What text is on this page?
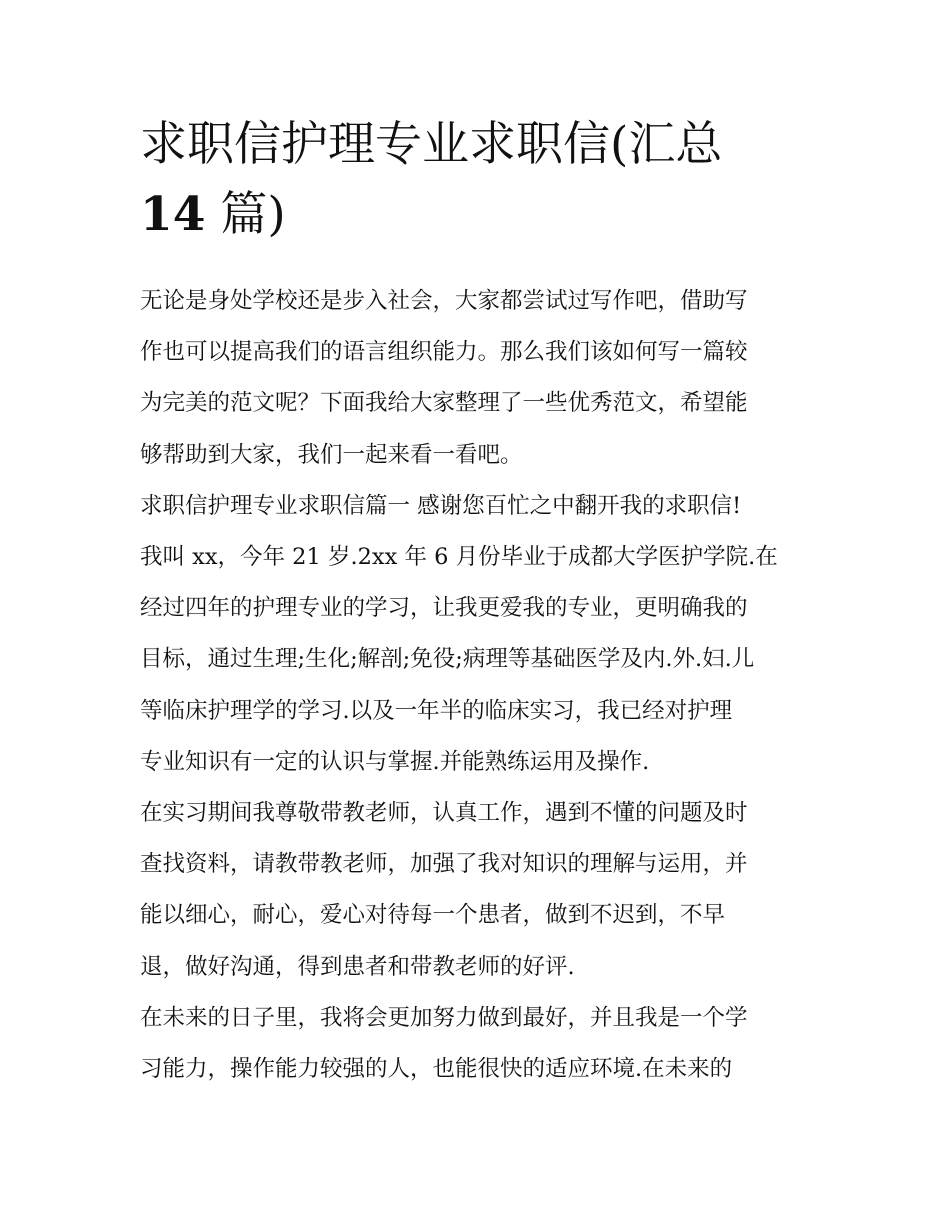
求职信护理专业求职信(汇总
14 篇)

无论是身处学校还是步入社会，大家都尝试过写作吧，借助写
作也可以提高我们的语言组织能力。那么我们该如何写一篇较
为完美的范文呢？下面我给大家整理了一些优秀范文，希望能
够帮助到大家，我们一起来看一看吧。

求职信护理专业求职信篇一 感谢您百忙之中翻开我的求职信!
我叫 xx，今年 21 岁.2xx 年 6 月份毕业于成都大学医护学院.在
经过四年的护理专业的学习，让我更爱我的专业，更明确我的
目标，通过生理;生化;解剖;免役;病理等基础医学及内.外.妇.儿
等临床护理学的学习.以及一年半的临床实习，我已经对护理
专业知识有一定的认识与掌握.并能熟练运用及操作.

在实习期间我尊敬带教老师，认真工作，遇到不懂的问题及时
查找资料，请教带教老师，加强了我对知识的理解与运用，并
能以细心，耐心，爱心对待每一个患者，做到不迟到，不早
退，做好沟通，得到患者和带教老师的好评.

在未来的日子里，我将会更加努力做到最好，并且我是一个学
习能力，操作能力较强的人，也能很快的适应环境.在未来的
